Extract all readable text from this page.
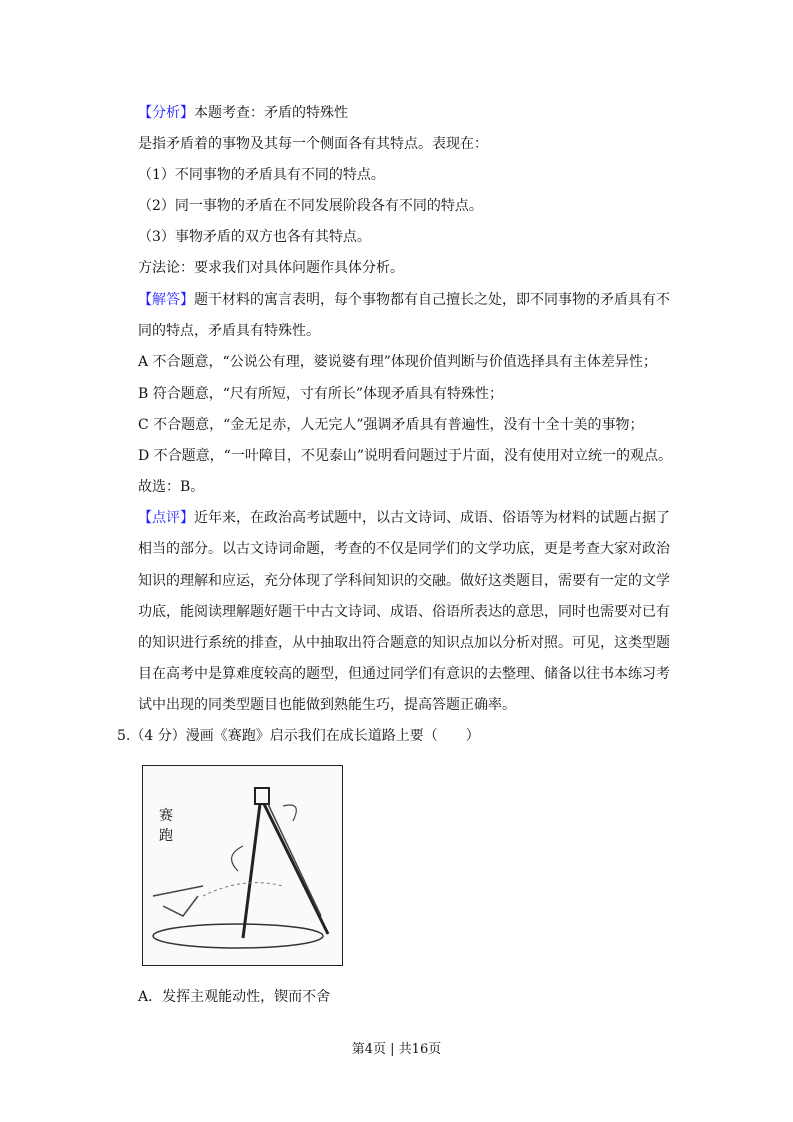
【分析】本题考查：矛盾的特殊性
是指矛盾着的事物及其每一个侧面各有其特点。表现在：
（1）不同事物的矛盾具有不同的特点。
（2）同一事物的矛盾在不同发展阶段各有不同的特点。
（3）事物矛盾的双方也各有其特点。
方法论：要求我们对具体问题作具体分析。
【解答】题干材料的寓言表明，每个事物都有自己擅长之处，即不同事物的矛盾具有不
同的特点，矛盾具有特殊性。
A 不合题意，“公说公有理，婆说婆有理”体现价值判断与价值选择具有主体差异性；
B 符合题意，“尺有所短，寸有所长”体现矛盾具有特殊性；
C 不合题意，“金无足赤，人无完人”强调矛盾具有普遍性，没有十全十美的事物；
D 不合题意，“一叶障目，不见泰山”说明看问题过于片面，没有使用对立统一的观点。
故选：B。
【点评】近年来，在政治高考试题中，以古文诗词、成语、俗语等为材料的试题占据了
相当的部分。以古文诗词命题，考查的不仅是同学们的文学功底，更是考查大家对政治
知识的理解和应运，充分体现了学科间知识的交融。做好这类题目，需要有一定的文学
功底，能阅读理解题好题干中古文诗词、成语、俗语所表达的意思，同时也需要对已有
的知识进行系统的排查，从中抽取出符合题意的知识点加以分析对照。可见，这类型题
目在高考中是算难度较高的题型，但通过同学们有意识的去整理、储备以往书本练习考
试中出现的同类型题目也能做到熟能生巧，提高答题正确率。
5.（4 分）漫画《赛跑》启示我们在成长道路上要（　　）
赛跑
A．发挥主观能动性，锲而不舍
第4页 | 共16页
